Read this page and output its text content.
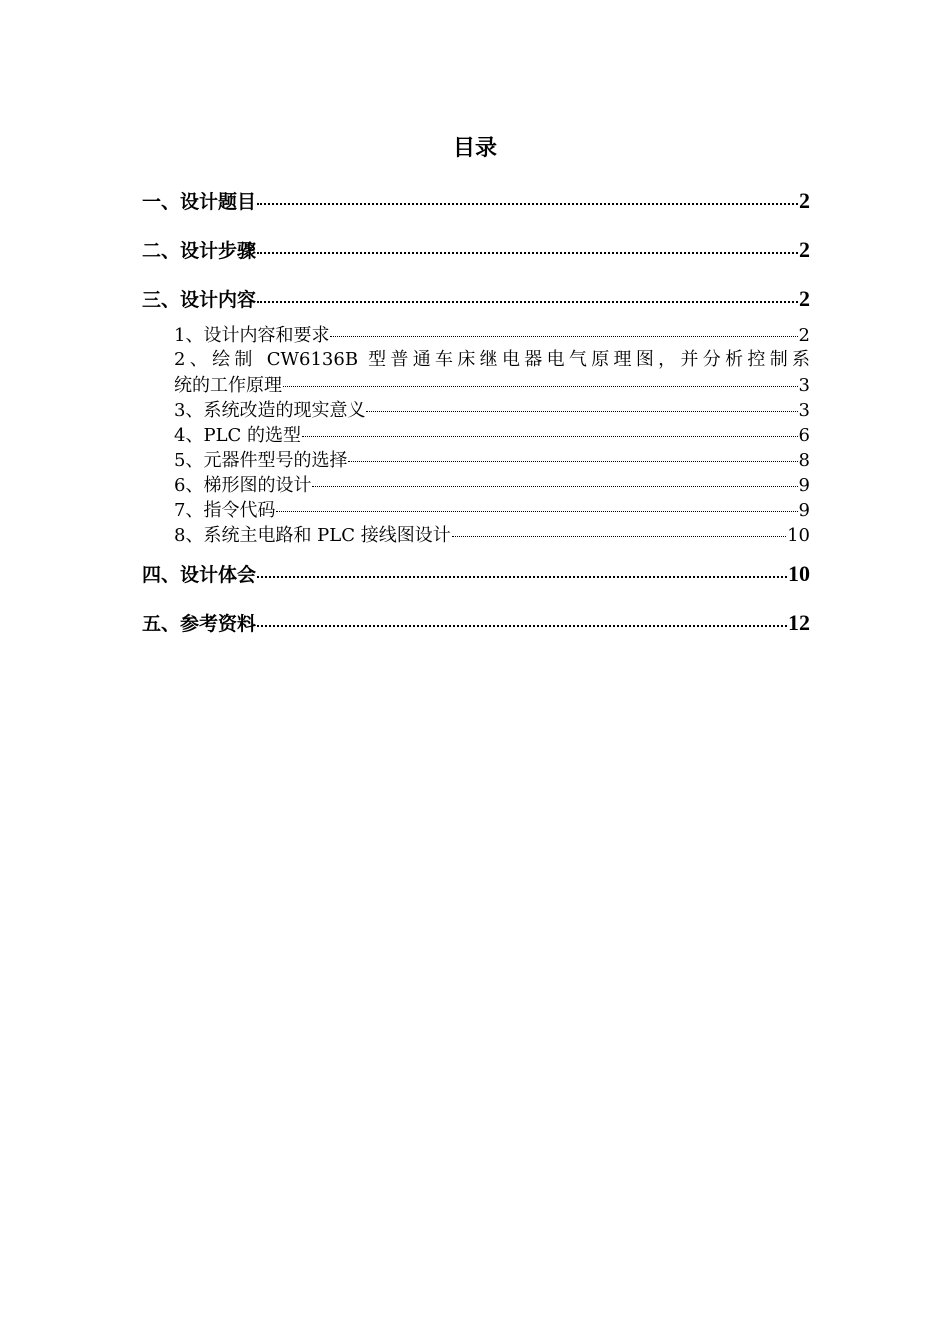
目录
一、设计题目	2
二、设计步骤	2
三、设计内容	2
1、设计内容和要求	2
2、绘制 CW6136B 型普通车床继电器电气原理图，并分析控制系
统的工作原理	3
3、系统改造的现实意义	3
4、PLC 的选型	6
5、元器件型号的选择	8
6、梯形图的设计	9
7、指令代码	9
8、系统主电路和 PLC 接线图设计	10
四、设计体会	10
五、参考资料	12
